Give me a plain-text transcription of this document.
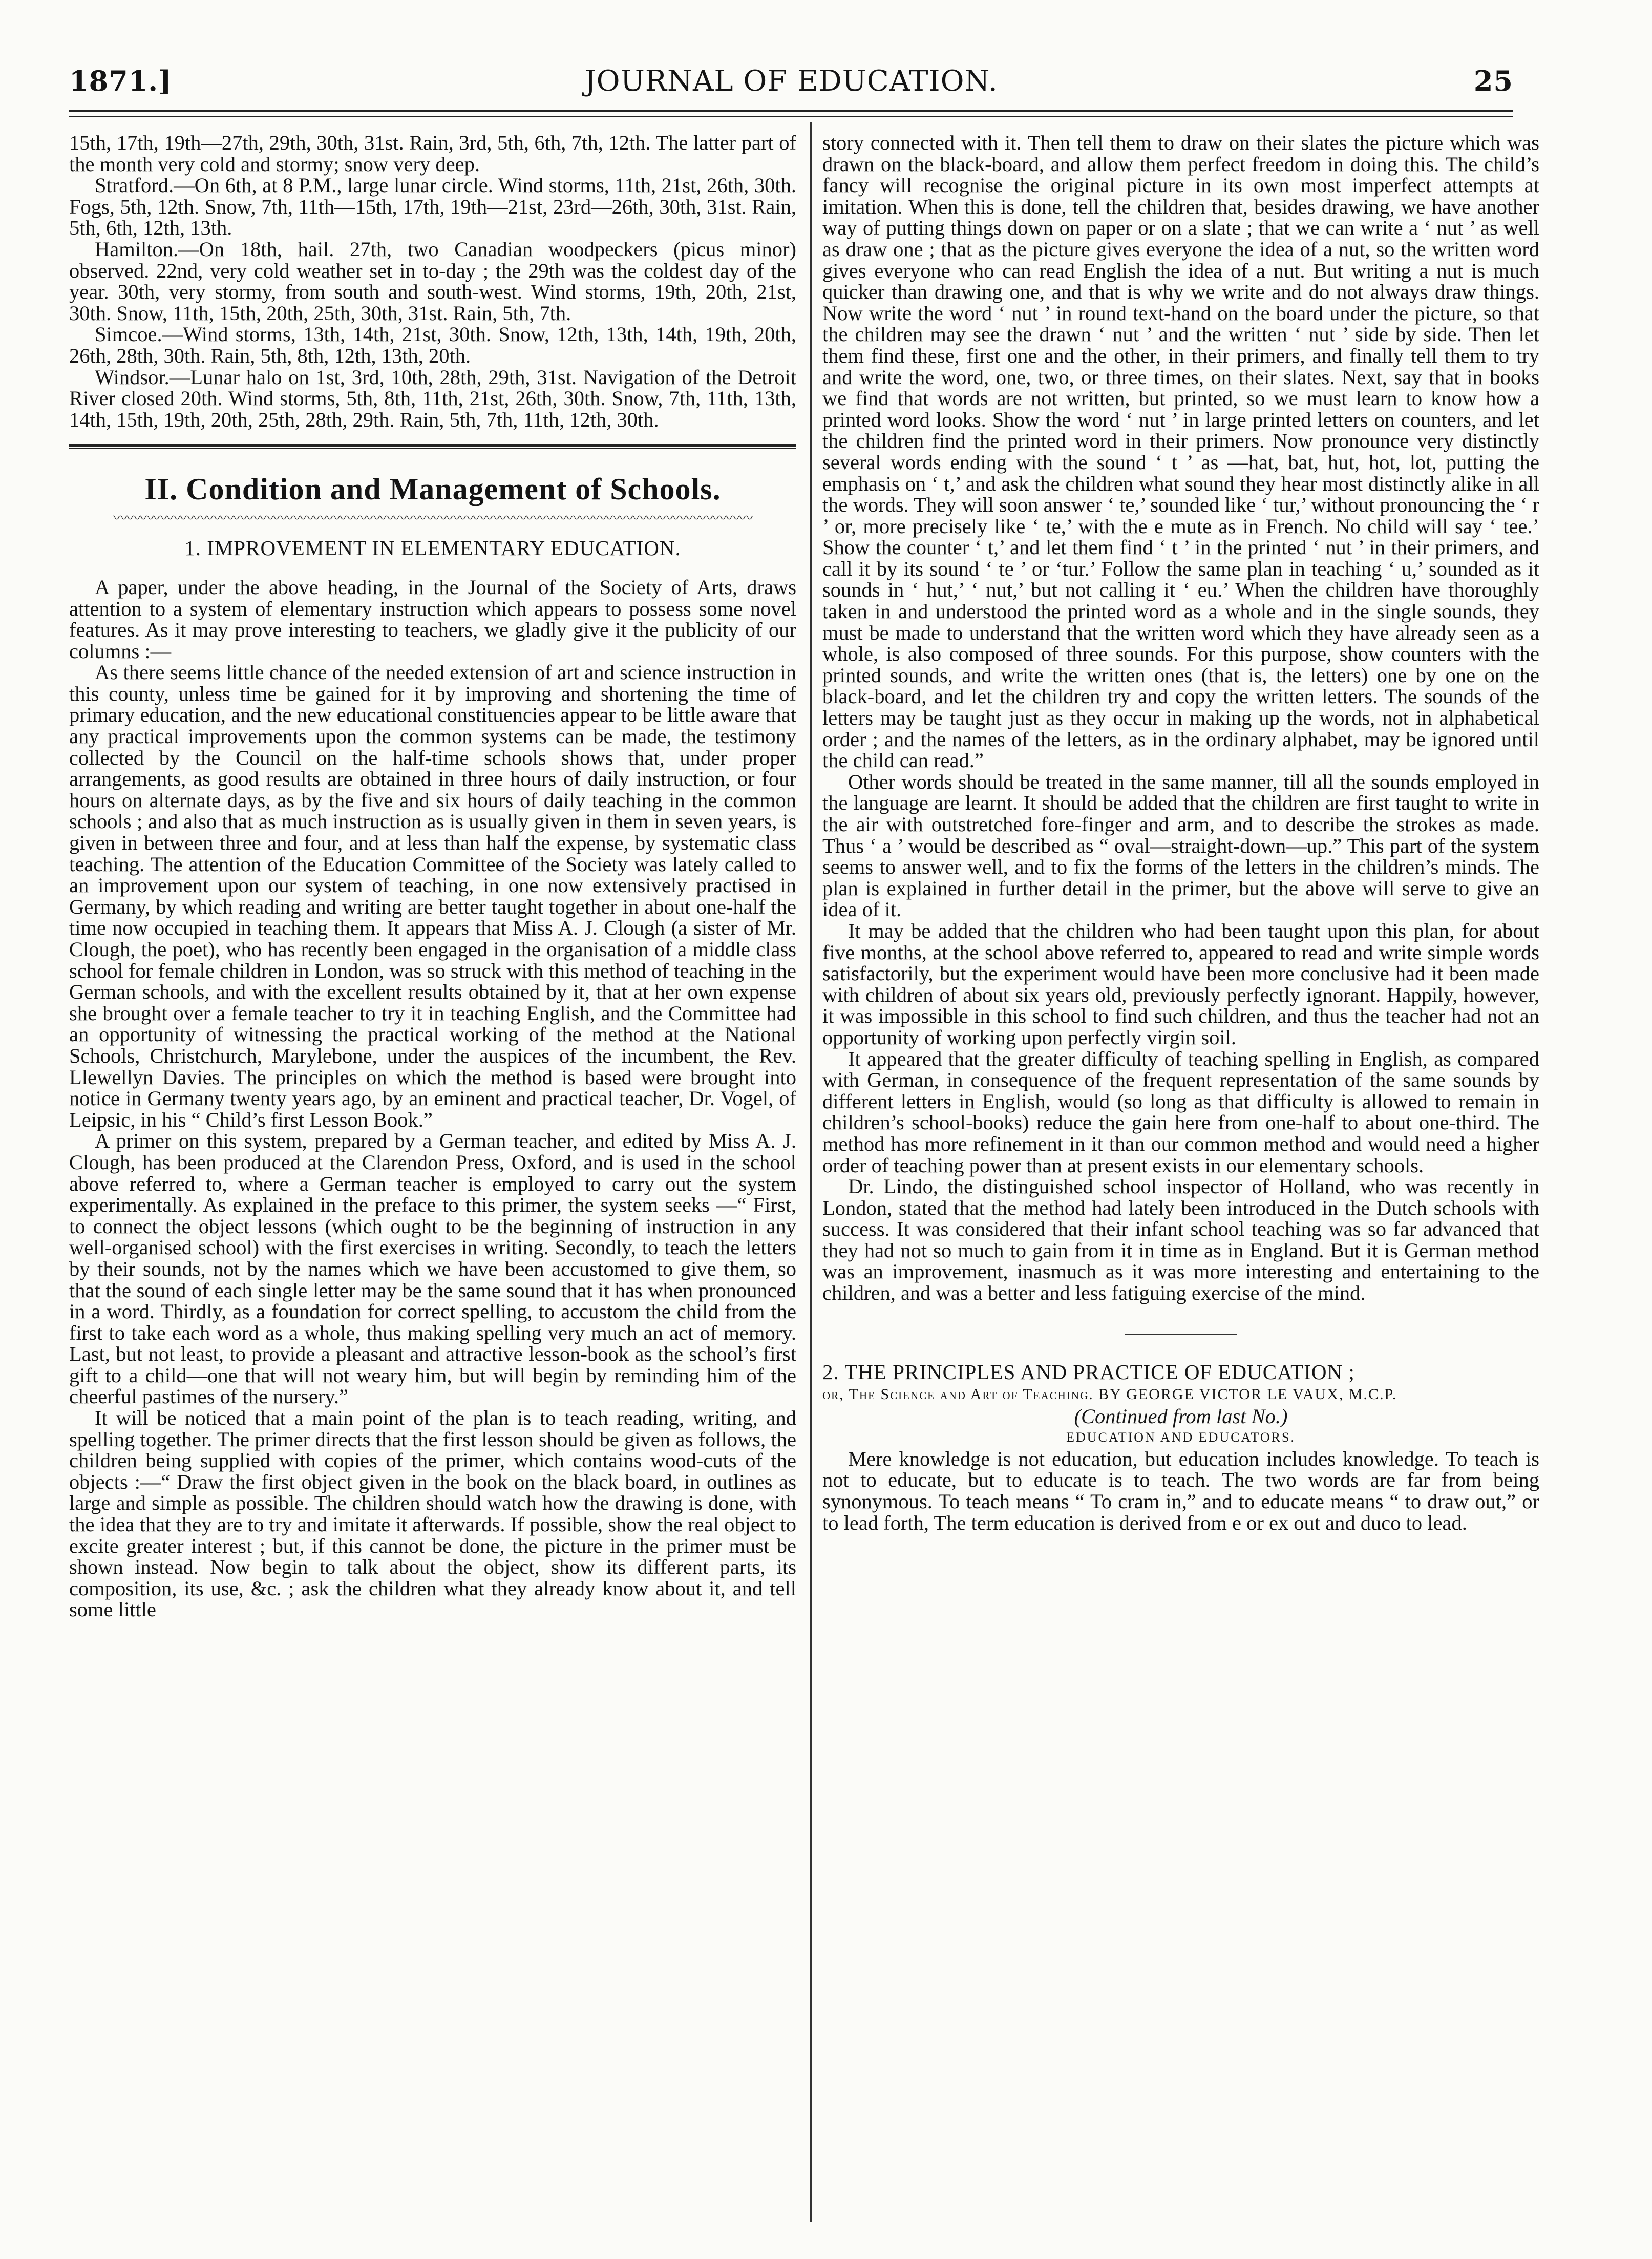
1871.]	JOURNAL OF EDUCATION.	25

15th, 17th, 19th—27th, 29th, 30th, 31st. Rain, 3rd, 5th, 6th, 7th, 12th. The latter part of the month very cold and stormy; snow very deep.

Stratford.—On 6th, at 8 P.M., large lunar circle. Wind storms, 11th, 21st, 26th, 30th. Fogs, 5th, 12th. Snow, 7th, 11th—15th, 17th, 19th—21st, 23rd—26th, 30th, 31st. Rain, 5th, 6th, 12th, 13th.

Hamilton.—On 18th, hail. 27th, two Canadian woodpeckers (picus minor) observed. 22nd, very cold weather set in to-day ; the 29th was the coldest day of the year. 30th, very stormy, from south and south-west. Wind storms, 19th, 20th, 21st, 30th. Snow, 11th, 15th, 20th, 25th, 30th, 31st. Rain, 5th, 7th.

Simcoe.—Wind storms, 13th, 14th, 21st, 30th. Snow, 12th, 13th, 14th, 19th, 20th, 26th, 28th, 30th. Rain, 5th, 8th, 12th, 13th, 20th.

Windsor.—Lunar halo on 1st, 3rd, 10th, 28th, 29th, 31st. Navigation of the Detroit River closed 20th. Wind storms, 5th, 8th, 11th, 21st, 26th, 30th. Snow, 7th, 11th, 13th, 14th, 15th, 19th, 20th, 25th, 28th, 29th. Rain, 5th, 7th, 11th, 12th, 30th.

II. Condition and Management of Schools.
〰〰〰〰〰〰〰〰〰〰〰〰〰〰〰〰〰〰〰〰〰〰〰〰〰〰〰〰〰〰〰〰〰〰〰〰〰〰〰〰〰〰〰〰〰〰〰〰
1. IMPROVEMENT IN ELEMENTARY EDUCATION.

A paper, under the above heading, in the Journal of the Society of Arts, draws attention to a system of elementary instruction which appears to possess some novel features. As it may prove interesting to teachers, we gladly give it the publicity of our columns :—

As there seems little chance of the needed extension of art and science instruction in this county, unless time be gained for it by improving and shortening the time of primary education, and the new educational constituencies appear to be little aware that any practical improvements upon the common systems can be made, the testimony collected by the Council on the half-time schools shows that, under proper arrangements, as good results are obtained in three hours of daily instruction, or four hours on alternate days, as by the five and six hours of daily teaching in the common schools ; and also that as much instruction as is usually given in them in seven years, is given in between three and four, and at less than half the expense, by systematic class teaching. The attention of the Education Committee of the Society was lately called to an improvement upon our system of teaching, in one now extensively practised in Germany, by which reading and writing are better taught together in about one-half the time now occupied in teaching them. It appears that Miss A. J. Clough (a sister of Mr. Clough, the poet), who has recently been engaged in the organisation of a middle class school for female children in London, was so struck with this method of teaching in the German schools, and with the excellent results obtained by it, that at her own expense she brought over a female teacher to try it in teaching English, and the Committee had an opportunity of witnessing the practical working of the method at the National Schools, Christchurch, Marylebone, under the auspices of the incumbent, the Rev. Llewellyn Davies. The principles on which the method is based were brought into notice in Germany twenty years ago, by an eminent and practical teacher, Dr. Vogel, of Leipsic, in his “ Child’s first Lesson Book.”

A primer on this system, prepared by a German teacher, and edited by Miss A. J. Clough, has been produced at the Clarendon Press, Oxford, and is used in the school above referred to, where a German teacher is employed to carry out the system experimentally. As explained in the preface to this primer, the system seeks —“ First, to connect the object lessons (which ought to be the beginning of instruction in any well-organised school) with the first exercises in writing. Secondly, to teach the letters by their sounds, not by the names which we have been accustomed to give them, so that the sound of each single letter may be the same sound that it has when pronounced in a word. Thirdly, as a foundation for correct spelling, to accustom the child from the first to take each word as a whole, thus making spelling very much an act of memory. Last, but not least, to provide a pleasant and attractive lesson-book as the school’s first gift to a child—one that will not weary him, but will begin by reminding him of the cheerful pastimes of the nursery.”

It will be noticed that a main point of the plan is to teach reading, writing, and spelling together. The primer directs that the first lesson should be given as follows, the children being supplied with copies of the primer, which contains wood-cuts of the objects :—“ Draw the first object given in the book on the black board, in outlines as large and simple as possible. The children should watch how the drawing is done, with the idea that they are to try and imitate it afterwards. If possible, show the real object to excite greater interest ; but, if this cannot be done, the picture in the primer must be shown instead. Now begin to talk about the object, show its different parts, its composition, its use, &c. ; ask the children what they already know about it, and tell some little

story connected with it. Then tell them to draw on their slates the picture which was drawn on the black-board, and allow them perfect freedom in doing this. The child’s fancy will recognise the original picture in its own most imperfect attempts at imitation. When this is done, tell the children that, besides drawing, we have another way of putting things down on paper or on a slate ; that we can write a ‘ nut ’ as well as draw one ; that as the picture gives everyone the idea of a nut, so the written word gives everyone who can read English the idea of a nut. But writing a nut is much quicker than drawing one, and that is why we write and do not always draw things. Now write the word ‘ nut ’ in round text-hand on the board under the picture, so that the children may see the drawn ‘ nut ’ and the written ‘ nut ’ side by side. Then let them find these, first one and the other, in their primers, and finally tell them to try and write the word, one, two, or three times, on their slates. Next, say that in books we find that words are not written, but printed, so we must learn to know how a printed word looks. Show the word ‘ nut ’ in large printed letters on counters, and let the children find the printed word in their primers. Now pronounce very distinctly several words ending with the sound ‘ t ’ as —hat, bat, hut, hot, lot, putting the emphasis on ‘ t,’ and ask the children what sound they hear most distinctly alike in all the words. They will soon answer ‘ te,’ sounded like ‘ tur,’ without pronouncing the ‘ r ’ or, more precisely like ‘ te,’ with the e mute as in French. No child will say ‘ tee.’ Show the counter ‘ t,’ and let them find ‘ t ’ in the printed ‘ nut ’ in their primers, and call it by its sound ‘ te ’ or ‘tur.’ Follow the same plan in teaching ‘ u,’ sounded as it sounds in ‘ hut,’ ‘ nut,’ but not calling it ‘ eu.’ When the children have thoroughly taken in and understood the printed word as a whole and in the single sounds, they must be made to understand that the written word which they have already seen as a whole, is also composed of three sounds. For this purpose, show counters with the printed sounds, and write the written ones (that is, the letters) one by one on the black-board, and let the children try and copy the written letters. The sounds of the letters may be taught just as they occur in making up the words, not in alphabetical order ; and the names of the letters, as in the ordinary alphabet, may be ignored until the child can read.”

Other words should be treated in the same manner, till all the sounds employed in the language are learnt. It should be added that the children are first taught to write in the air with outstretched fore-finger and arm, and to describe the strokes as made. Thus ‘ a ’ would be described as “ oval—straight-down—up.” This part of the system seems to answer well, and to fix the forms of the letters in the children’s minds. The plan is explained in further detail in the primer, but the above will serve to give an idea of it.

It may be added that the children who had been taught upon this plan, for about five months, at the school above referred to, appeared to read and write simple words satisfactorily, but the experiment would have been more conclusive had it been made with children of about six years old, previously perfectly ignorant. Happily, however, it was impossible in this school to find such children, and thus the teacher had not an opportunity of working upon perfectly virgin soil.

It appeared that the greater difficulty of teaching spelling in English, as compared with German, in consequence of the frequent representation of the same sounds by different letters in English, would (so long as that difficulty is allowed to remain in children’s school-books) reduce the gain here from one-half to about one-third. The method has more refinement in it than our common method and would need a higher order of teaching power than at present exists in our elementary schools.

Dr. Lindo, the distinguished school inspector of Holland, who was recently in London, stated that the method had lately been introduced in the Dutch schools with success. It was considered that their infant school teaching was so far advanced that they had not so much to gain from it in time as in England. But it is German method was an improvement, inasmuch as it was more interesting and entertaining to the children, and was a better and less fatiguing exercise of the mind.

2. THE PRINCIPLES AND PRACTICE OF EDUCATION ;

or, The Science and Art of Teaching. BY GEORGE VICTOR LE VAUX, M.C.P.

(Continued from last No.)

EDUCATION AND EDUCATORS.

Mere knowledge is not education, but education includes knowledge. To teach is not to educate, but to educate is to teach. The two words are far from being synonymous. To teach means “ To cram in,” and to educate means “ to draw out,” or to lead forth, The term education is derived from e or ex out and duco to lead.
